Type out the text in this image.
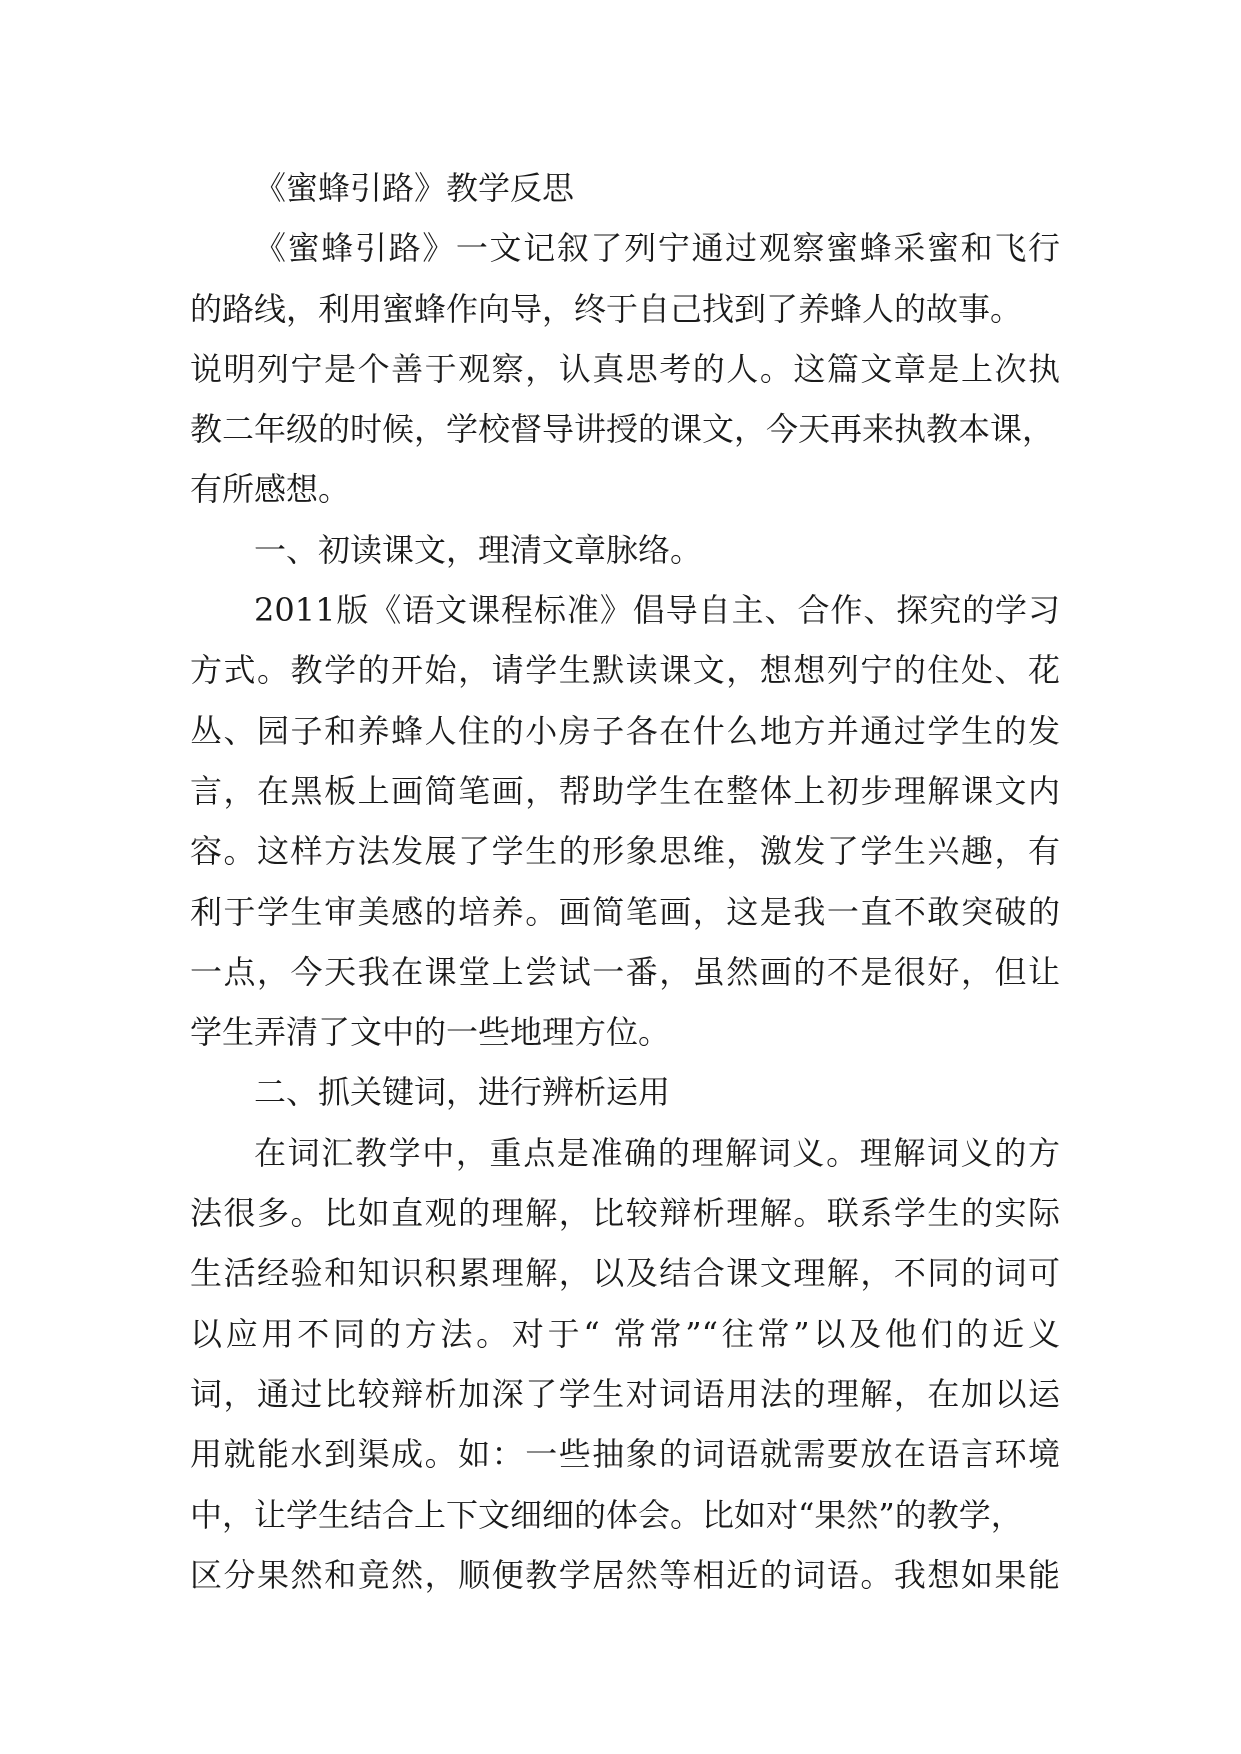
《蜜蜂引路》教学反思
《蜜蜂引路》一文记叙了列宁通过观察蜜蜂采蜜和飞行
的路线，利用蜜蜂作向导，终于自己找到了养蜂人的故事。
说明列宁是个善于观察，认真思考的人。这篇文章是上次执
教二年级的时候，学校督导讲授的课文，今天再来执教本课，
有所感想。
一、初读课文，理清文章脉络。
2011版《语文课程标准》倡导自主、合作、探究的学习
方式。教学的开始，请学生默读课文，想想列宁的住处、花
丛、园子和养蜂人住的小房子各在什么地方并通过学生的发
言，在黑板上画简笔画，帮助学生在整体上初步理解课文内
容。这样方法发展了学生的形象思维，激发了学生兴趣，有
利于学生审美感的培养。画简笔画，这是我一直不敢突破的
一点，今天我在课堂上尝试一番，虽然画的不是很好，但让
学生弄清了文中的一些地理方位。
二、抓关键词，进行辨析运用
在词汇教学中，重点是准确的理解词义。理解词义的方
法很多。比如直观的理解，比较辩析理解。联系学生的实际
生活经验和知识积累理解，以及结合课文理解，不同的词可
以应用不同的方法。对于“ 常常”“往常”以及他们的近义
词，通过比较辩析加深了学生对词语用法的理解，在加以运
用就能水到渠成。如：一些抽象的词语就需要放在语言环境
中，让学生结合上下文细细的体会。比如对“果然”的教学，
区分果然和竟然，顺便教学居然等相近的词语。我想如果能
